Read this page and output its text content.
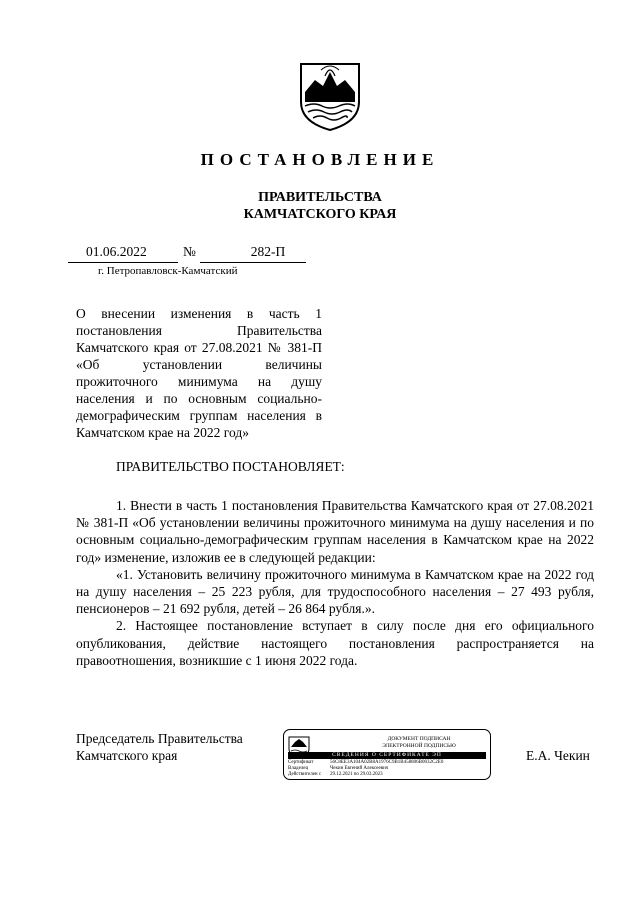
ПОСТАНОВЛЕНИЕ
ПРАВИТЕЛЬСТВА
КАМЧАТСКОГО КРАЯ
01.06.2022	№	282-П
г. Петропавловск-Камчатский
О внесении изменения в часть 1 постановления Правительства Камчатского края от 27.08.2021 № 381-П «Об установлении величины прожиточного минимума на душу населения и по основным социально-демографическим группам населения в Камчатском крае на 2022 год»
ПРАВИТЕЛЬСТВО ПОСТАНОВЛЯЕТ:

1. Внести в часть 1 постановления Правительства Камчатского края от 27.08.2021 № 381-П «Об установлении величины прожиточного минимума на душу населения и по основным социально-демографическим группам населения в Камчатском крае на 2022 год» изменение, изложив ее в следующей редакции:

«1. Установить величину прожиточного минимума в Камчатском крае на 2022 год на душу населения – 25 223 рубля, для трудоспособного населения – 27 493 рубля, пенсионеров – 21 692 рубля, детей – 26 864 рубля.».

2. Настоящее постановление вступает в силу после дня его официального опубликования, действие настоящего постановления распространяется на правоотношения, возникшие с 1 июня 2022 года.

Председатель Правительства
Камчатского края
ДОКУМЕНТ ПОДПИСАН
ЭЛЕКТРОННОЙ ПОДПИСЬЮ
СВЕДЕНИЯ О СЕРТИФИКАТЕ ЭП
Сертификат	56С8ЕЕ3А104А02В8А1976С9В1В458806В0032С2Е0
Владелец	Чекин Евгений Алексеевич
Действителен с 29.12.2021 по 29.03.2023
Е.А. Чекин
